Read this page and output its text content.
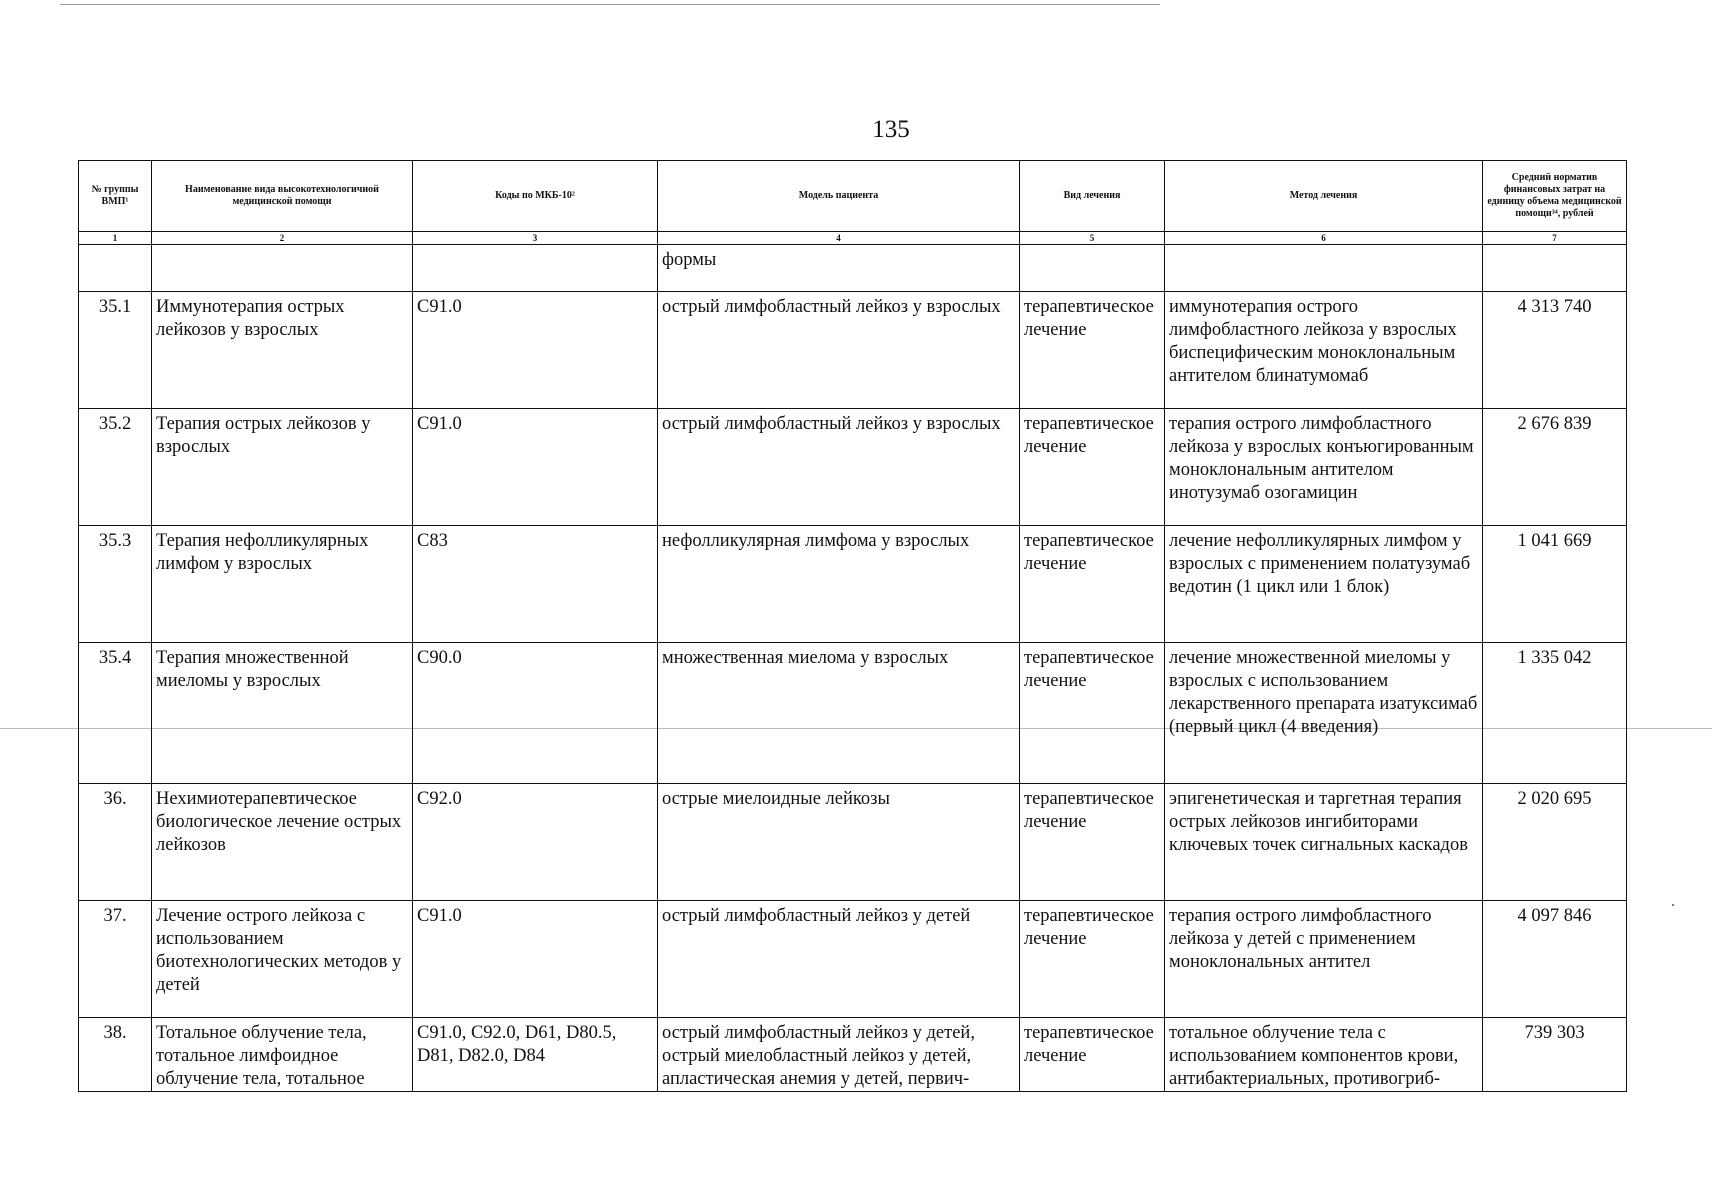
135
№ группы ВМП¹	Наименование вида высокотехнологичной медицинской помощи	Коды по МКБ-10²	Модель пациента	Вид лечения	Метод лечения	Средний норматив финансовых затрат на единицу объема медицинской помощи³⁴, рублей
1	2	3	4	5	6	7
			формы			
35.1	Иммунотерапия острых лейкозов у взрослых	C91.0	острый лимфобластный лейкоз у взрослых	терапевтическое лечение	иммунотерапия острого лимфобластного лейкоза у взрослых биспецифическим моноклональным антителом блинатумомаб	4 313 740
35.2	Терапия острых лейкозов у взрослых	C91.0	острый лимфобластный лейкоз у взрослых	терапевтическое лечение	терапия острого лимфобластного лейкоза у взрослых конъюгированным моноклональным антителом инотузумаб озогамицин	2 676 839
35.3	Терапия нефолликулярных лимфом у взрослых	C83	нефолликулярная лимфома у взрослых	терапевтическое лечение	лечение нефолликулярных лимфом у взрослых с применением полатузумаб ведотин (1 цикл или 1 блок)	1 041 669
35.4	Терапия множественной миеломы у взрослых	C90.0	множественная миелома у взрослых	терапевтическое лечение	лечение множественной миеломы у взрослых с использованием лекарственного препарата изатуксимаб (первый цикл (4 введения)	1 335 042
36.	Нехимиотерапевтическое биологическое лечение острых лейкозов	C92.0	острые миелоидные лейкозы	терапевтическое лечение	эпигенетическая и таргетная терапия острых лейкозов ингибиторами ключевых точек сигнальных каскадов	2 020 695
37.	Лечение острого лейкоза с использованием биотехнологических методов у детей	C91.0	острый лимфобластный лейкоз у детей	терапевтическое лечение	терапия острого лимфобластного лейкоза у детей с применением моноклональных антител	4 097 846
38.	Тотальное облучение тела, тотальное лимфоидное облучение тела, тотальное	C91.0, C92.0, D61, D80.5, D81, D82.0, D84	острый лимфобластный лейкоз у детей, острый миелобластный лейкоз у детей, апластическая анемия у детей, первич-	терапевтическое лечение	тотальное облучение тела с использованием компонентов крови, антибактериальных, противогриб-	739 303
